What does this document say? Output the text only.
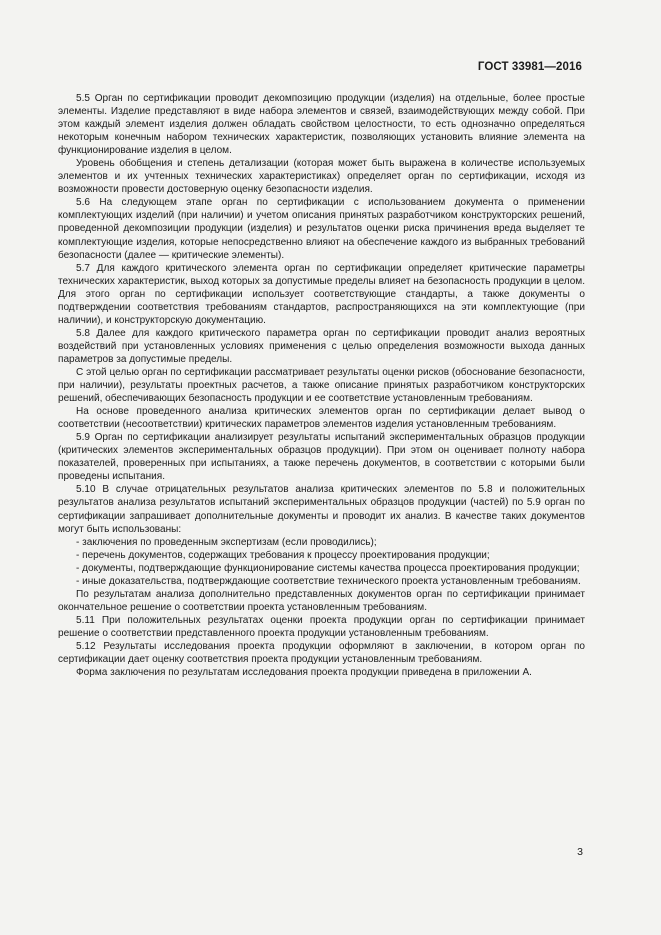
ГОСТ 33981—2016

5.5 Орган по сертификации проводит декомпозицию продукции (изделия) на отдельные, более простые элементы. Изделие представляют в виде набора элементов и связей, взаимодействующих между собой. При этом каждый элемент изделия должен обладать свойством целостности, то есть однозначно определяться некоторым конечным набором технических характеристик, позволяющих установить влияние элемента на функционирование изделия в целом.

Уровень обобщения и степень детализации (которая может быть выражена в количестве используемых элементов и их учтенных технических характеристиках) определяет орган по сертификации, исходя из возможности провести достоверную оценку безопасности изделия.

5.6 На следующем этапе орган по сертификации с использованием документа о применении комплектующих изделий (при наличии) и учетом описания принятых разработчиком конструкторских решений, проведенной декомпозиции продукции (изделия) и результатов оценки риска причинения вреда выделяет те комплектующие изделия, которые непосредственно влияют на обеспечение каждого из выбранных требований безопасности (далее — критические элементы).

5.7 Для каждого критического элемента орган по сертификации определяет критические параметры технических характеристик, выход которых за допустимые пределы влияет на безопасность продукции в целом. Для этого орган по сертификации использует соответствующие стандарты, а также документы о подтверждении соответствия требованиям стандартов, распространяющихся на эти комплектующие (при наличии), и конструкторскую документацию.

5.8 Далее для каждого критического параметра орган по сертификации проводит анализ вероятных воздействий при установленных условиях применения с целью определения возможности выхода данных параметров за допустимые пределы.

С этой целью орган по сертификации рассматривает результаты оценки рисков (обоснование безопасности, при наличии), результаты проектных расчетов, а также описание принятых разработчиком конструкторских решений, обеспечивающих безопасность продукции и ее соответствие установленным требованиям.

На основе проведенного анализа критических элементов орган по сертификации делает вывод о соответствии (несоответствии) критических параметров элементов изделия установленным требованиям.

5.9 Орган по сертификации анализирует результаты испытаний экспериментальных образцов продукции (критических элементов экспериментальных образцов продукции). При этом он оценивает полноту набора показателей, проверенных при испытаниях, а также перечень документов, в соответствии с которыми были проведены испытания.

5.10 В случае отрицательных результатов анализа критических элементов по 5.8 и положительных результатов анализа результатов испытаний экспериментальных образцов продукции (частей) по 5.9 орган по сертификации запрашивает дополнительные документы и проводит их анализ. В качестве таких документов могут быть использованы:

- заключения по проведенным экспертизам (если проводились);

- перечень документов, содержащих требования к процессу проектирования продукции;

- документы, подтверждающие функционирование системы качества процесса проектирования продукции;

- иные доказательства, подтверждающие соответствие технического проекта установленным требованиям.

По результатам анализа дополнительно представленных документов орган по сертификации принимает окончательное решение о соответствии проекта установленным требованиям.

5.11 При положительных результатах оценки проекта продукции орган по сертификации принимает решение о соответствии представленного проекта продукции установленным требованиям.

5.12 Результаты исследования проекта продукции оформляют в заключении, в котором орган по сертификации дает оценку соответствия проекта продукции установленным требованиям.

Форма заключения по результатам исследования проекта продукции приведена в приложении А.

3
